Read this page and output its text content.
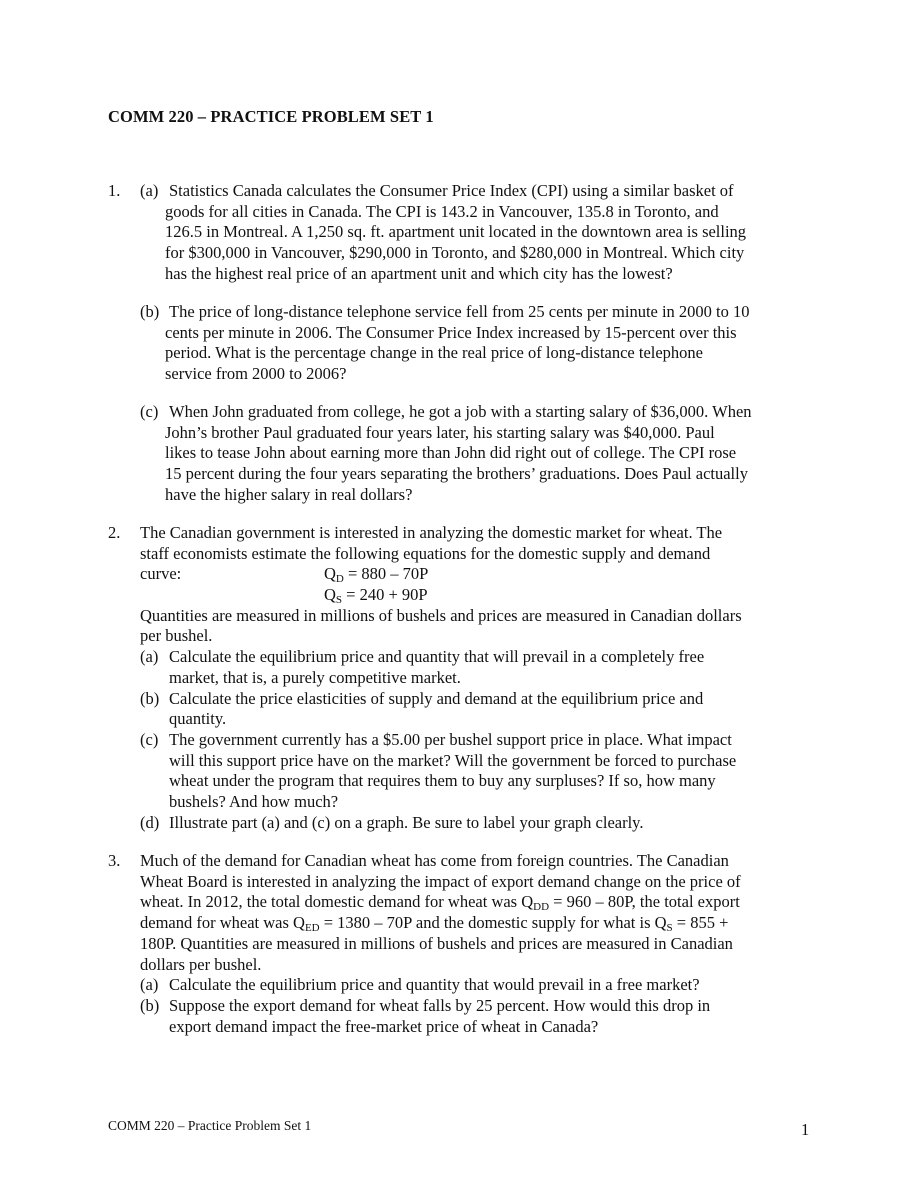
COMM 220 – PRACTICE PROBLEM SET 1
1. (a) Statistics Canada calculates the Consumer Price Index (CPI) using a similar basket of
goods for all cities in Canada. The CPI is 143.2 in Vancouver, 135.8 in Toronto, and
126.5 in Montreal. A 1,250 sq. ft. apartment unit located in the downtown area is selling
for $300,000 in Vancouver, $290,000 in Toronto, and $280,000 in Montreal. Which city
has the highest real price of an apartment unit and which city has the lowest?
(b) The price of long-distance telephone service fell from 25 cents per minute in 2000 to 10
cents per minute in 2006. The Consumer Price Index increased by 15-percent over this
period. What is the percentage change in the real price of long-distance telephone
service from 2000 to 2006?
(c) When John graduated from college, he got a job with a starting salary of $36,000. When
John’s brother Paul graduated four years later, his starting salary was $40,000. Paul
likes to tease John about earning more than John did right out of college. The CPI rose
15 percent during the four years separating the brothers’ graduations. Does Paul actually
have the higher salary in real dollars?
2. The Canadian government is interested in analyzing the domestic market for wheat. The
staff economists estimate the following equations for the domestic supply and demand
curve:	$Q_D = 880 - 70P$
$Q_S = 240 + 90P$
Quantities are measured in millions of bushels and prices are measured in Canadian dollars
per bushel.
(a) Calculate the equilibrium price and quantity that will prevail in a completely free
market, that is, a purely competitive market.
(b) Calculate the price elasticities of supply and demand at the equilibrium price and
quantity.
(c) The government currently has a $5.00 per bushel support price in place. What impact
will this support price have on the market? Will the government be forced to purchase
wheat under the program that requires them to buy any surpluses? If so, how many
bushels? And how much?
(d) Illustrate part (a) and (c) on a graph. Be sure to label your graph clearly.
3. Much of the demand for Canadian wheat has come from foreign countries. The Canadian
Wheat Board is interested in analyzing the impact of export demand change on the price of
wheat. In 2012, the total domestic demand for wheat was $Q_{DD} = 960 - 80P$, the total export
demand for wheat was $Q_{ED} = 1380 - 70P$ and the domestic supply for what is $Q_S = 855$ +
180P. Quantities are measured in millions of bushels and prices are measured in Canadian
dollars per bushel.
(a) Calculate the equilibrium price and quantity that would prevail in a free market?
(b) Suppose the export demand for wheat falls by 25 percent. How would this drop in
export demand impact the free-market price of wheat in Canada?
COMM 220 – Practice Problem Set 1	1
